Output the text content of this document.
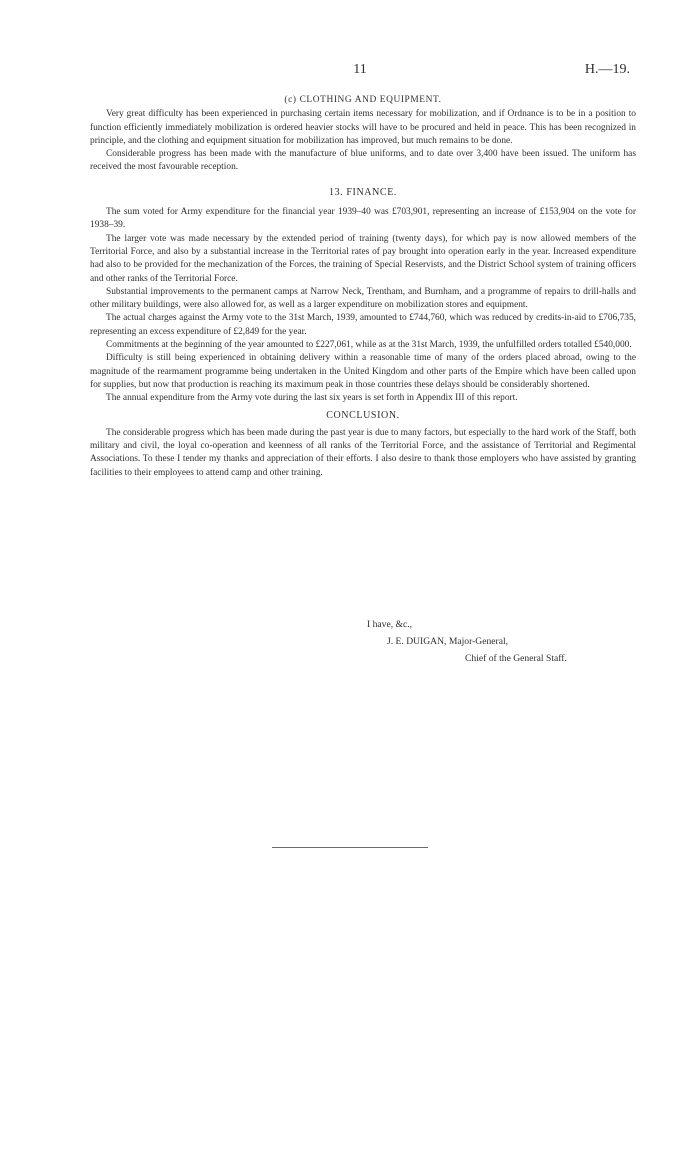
11	H.—19.
(c) CLOTHING AND EQUIPMENT.

Very great difficulty has been experienced in purchasing certain items necessary for mobilization, and if Ordnance is to be in a position to function efficiently immediately mobilization is ordered heavier stocks will have to be procured and held in peace. This has been recognized in principle, and the clothing and equipment situation for mobilization has improved, but much remains to be done.

Considerable progress has been made with the manufacture of blue uniforms, and to date over 3,400 have been issued. The uniform has received the most favourable reception.

13. FINANCE.

The sum voted for Army expenditure for the financial year 1939–40 was £703,901, representing an increase of £153,904 on the vote for 1938–39.

The larger vote was made necessary by the extended period of training (twenty days), for which pay is now allowed members of the Territorial Force, and also by a substantial increase in the Territorial rates of pay brought into operation early in the year. Increased expenditure had also to be provided for the mechanization of the Forces, the training of Special Reservists, and the District School system of training officers and other ranks of the Territorial Force.

Substantial improvements to the permanent camps at Narrow Neck, Trentham, and Burnham, and a programme of repairs to drill-halls and other military buildings, were also allowed for, as well as a larger expenditure on mobilization stores and equipment.

The actual charges against the Army vote to the 31st March, 1939, amounted to £744,760, which was reduced by credits-in-aid to £706,735, representing an excess expenditure of £2,849 for the year.

Commitments at the beginning of the year amounted to £227,061, while as at the 31st March, 1939, the unfulfilled orders totalled £540,000.

Difficulty is still being experienced in obtaining delivery within a reasonable time of many of the orders placed abroad, owing to the magnitude of the rearmament programme being undertaken in the United Kingdom and other parts of the Empire which have been called upon for supplies, but now that production is reaching its maximum peak in those countries these delays should be considerably shortened.

The annual expenditure from the Army vote during the last six years is set forth in Appendix III of this report.

CONCLUSION.

The considerable progress which has been made during the past year is due to many factors, but especially to the hard work of the Staff, both military and civil, the loyal co-operation and keenness of all ranks of the Territorial Force, and the assistance of Territorial and Regimental Associations. To these I tender my thanks and appreciation of their efforts. I also desire to thank those employers who have assisted by granting facilities to their employees to attend camp and other training.

I have, &c.,
J. E. DUIGAN, Major-General,
Chief of the General Staff.
